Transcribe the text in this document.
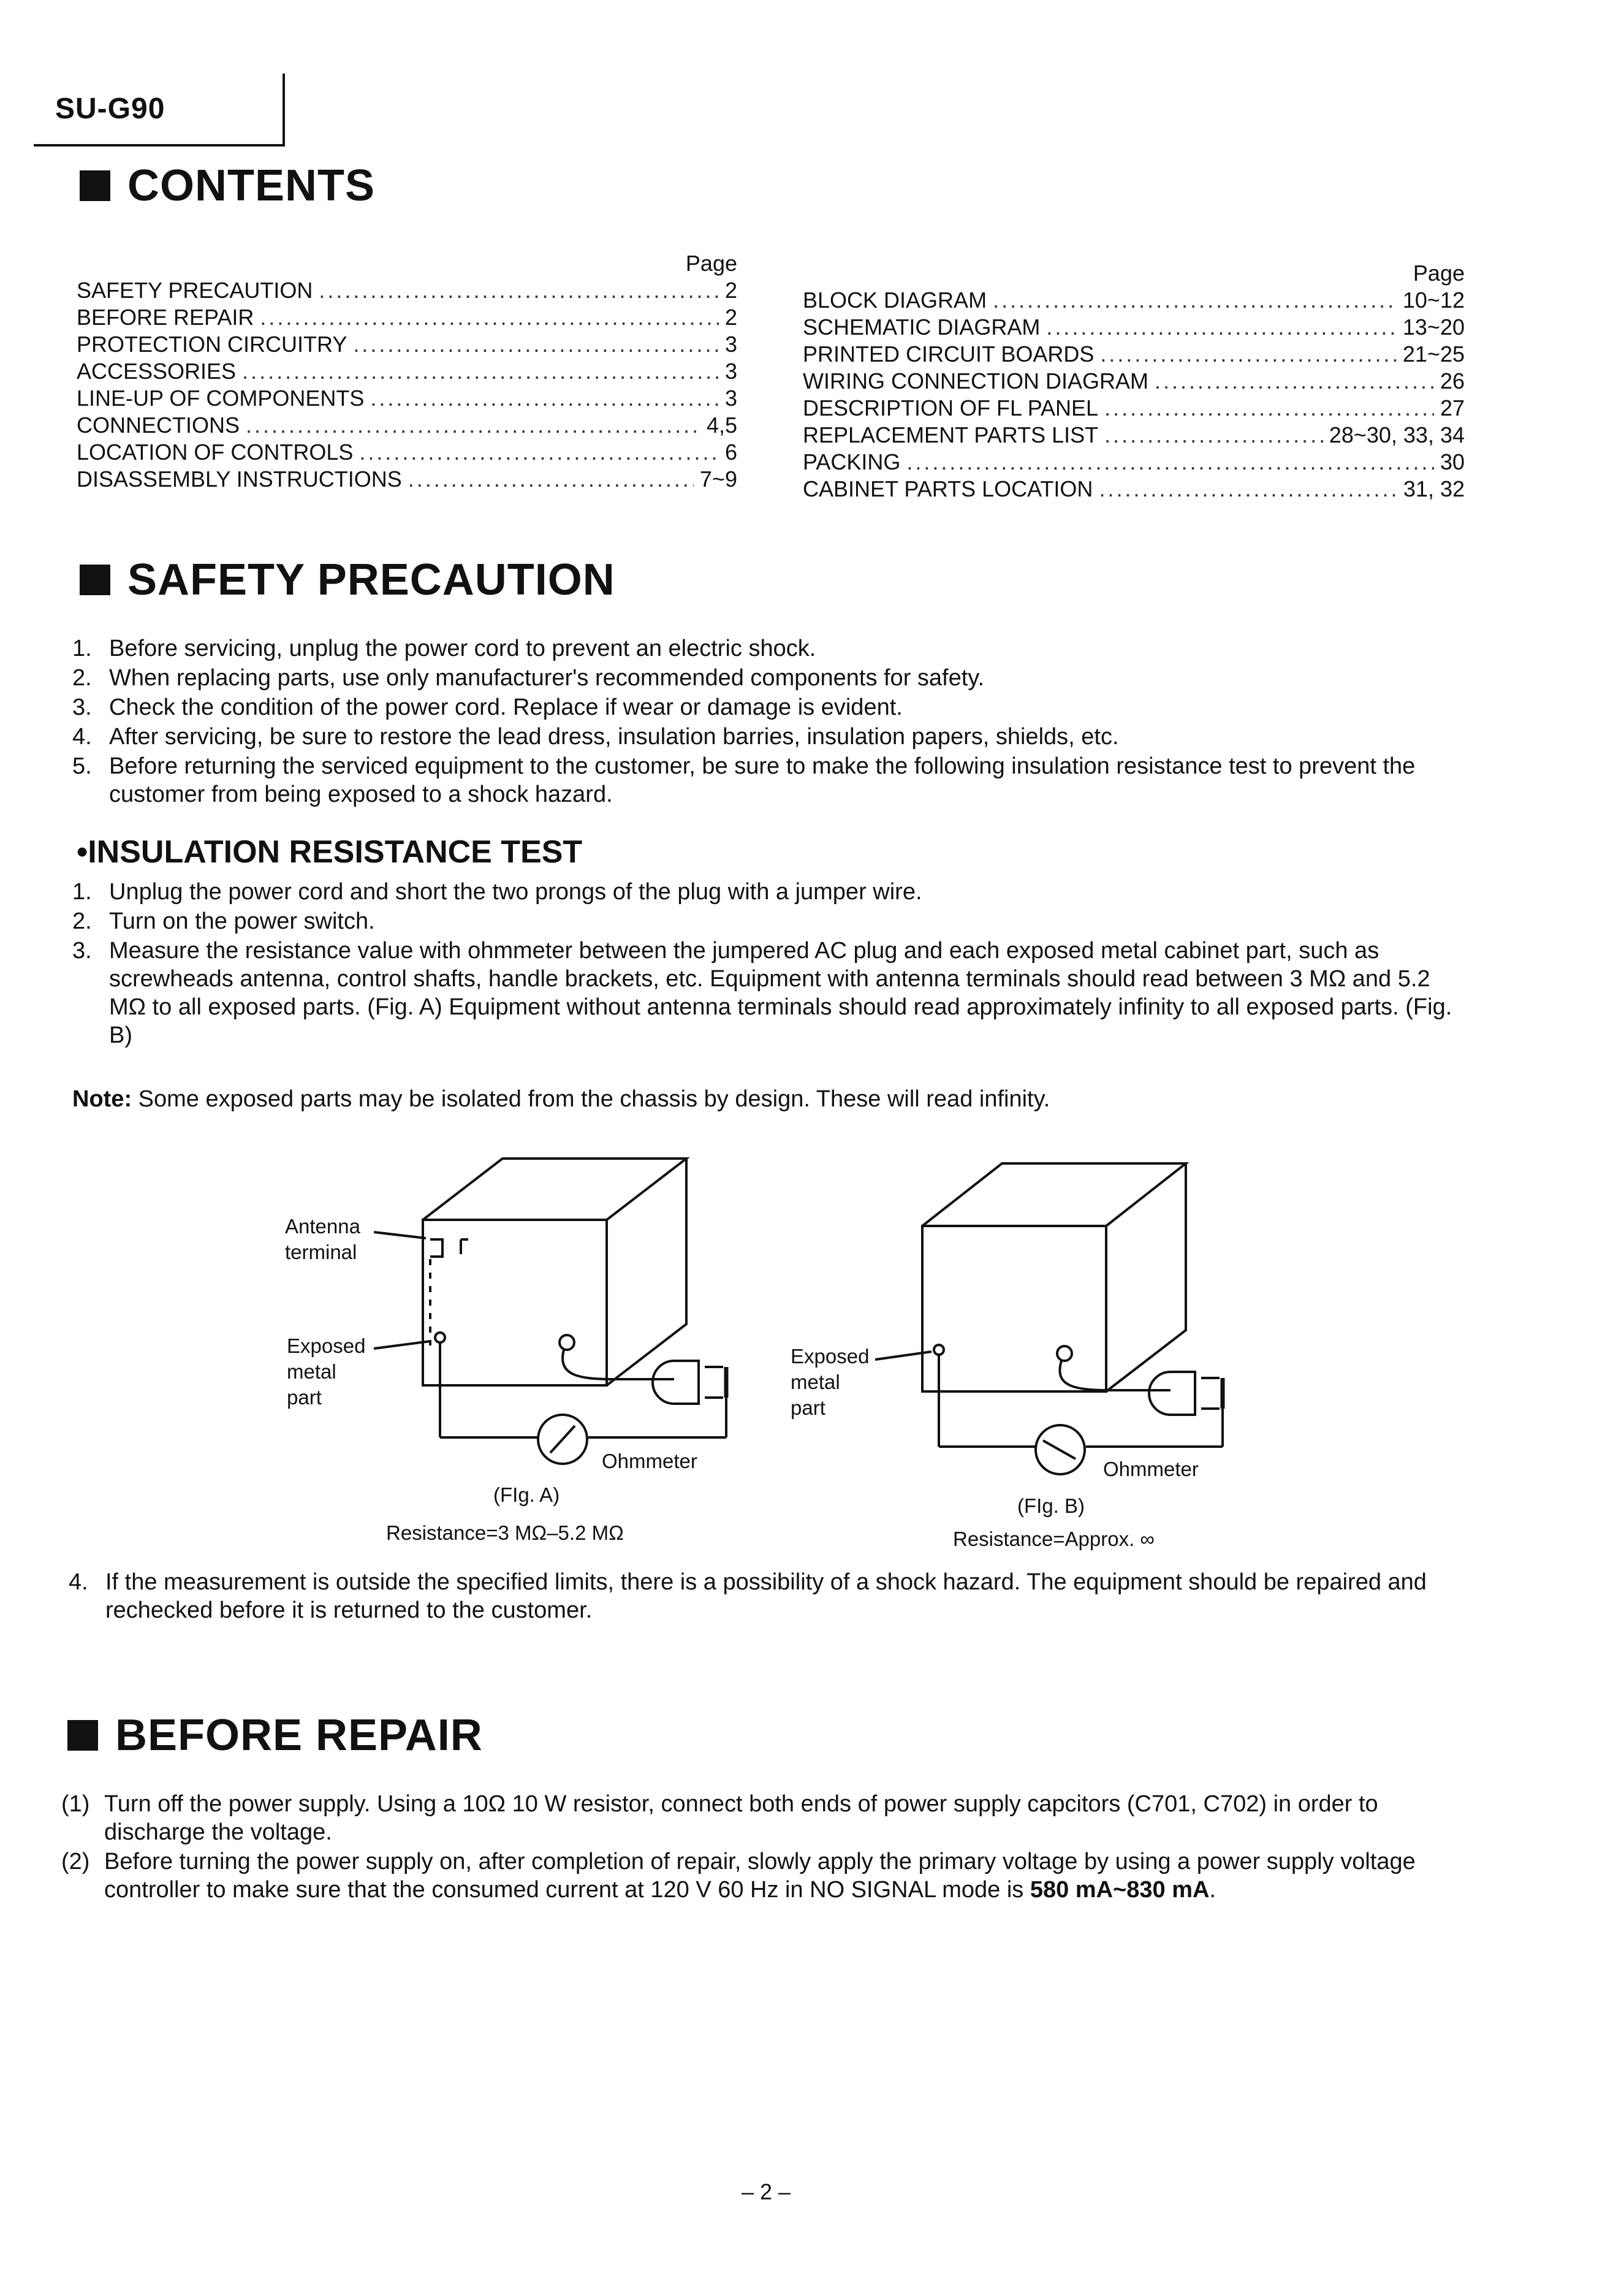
SU-G90
CONTENTS
Page
SAFETY PRECAUTION .....	2
BEFORE REPAIR .....	2
PROTECTION CIRCUITRY .....	3
ACCESSORIES .....	3
LINE-UP OF COMPONENTS .....	3
CONNECTIONS .....	4,5
LOCATION OF CONTROLS .....	6
DISASSEMBLY INSTRUCTIONS .....	7~9
Page
BLOCK DIAGRAM .....	10~12
SCHEMATIC DIAGRAM .....	13~20
PRINTED CIRCUIT BOARDS .....	21~25
WIRING CONNECTION DIAGRAM .....	26
DESCRIPTION OF FL PANEL .....	27
REPLACEMENT PARTS LIST .....	28~30, 33, 34
PACKING .....	30
CABINET PARTS LOCATION .....	31, 32
SAFETY PRECAUTION
1. Before servicing, unplug the power cord to prevent an electric shock.
2. When replacing parts, use only manufacturer's recommended components for safety.
3. Check the condition of the power cord. Replace if wear or damage is evident.
4. After servicing, be sure to restore the lead dress, insulation barries, insulation papers, shields, etc.
5. Before returning the serviced equipment to the customer, be sure to make the following insulation resistance test to prevent the customer from being exposed to a shock hazard.
•INSULATION RESISTANCE TEST
1. Unplug the power cord and short the two prongs of the plug with a jumper wire.
2. Turn on the power switch.
3. Measure the resistance value with ohmmeter between the jumpered AC plug and each exposed metal cabinet part, such as screwheads antenna, control shafts, handle brackets, etc. Equipment with antenna terminals should read between 3 MΩ and 5.2 MΩ to all exposed parts. (Fig. A) Equipment without antenna terminals should read approximately infinity to all exposed parts. (Fig. B)
Note: Some exposed parts may be isolated from the chassis by design. These will read infinity.
Antenna
terminal
Exposed
metal
part
Ohmmeter
(FIg. A)
Resistance=3 MΩ–5.2 MΩ
Exposed
metal
part
Ohmmeter
(FIg. B)
Resistance=Approx. ∞
4. If the measurement is outside the specified limits, there is a possibility of a shock hazard. The equipment should be repaired and rechecked before it is returned to the customer.
BEFORE REPAIR
(1) Turn off the power supply. Using a 10Ω 10 W resistor, connect both ends of power supply capcitors (C701, C702) in order to discharge the voltage.
(2) Before turning the power supply on, after completion of repair, slowly apply the primary voltage by using a power supply voltage controller to make sure that the consumed current at 120 V 60 Hz in NO SIGNAL mode is 580 mA~830 mA.
– 2 –
